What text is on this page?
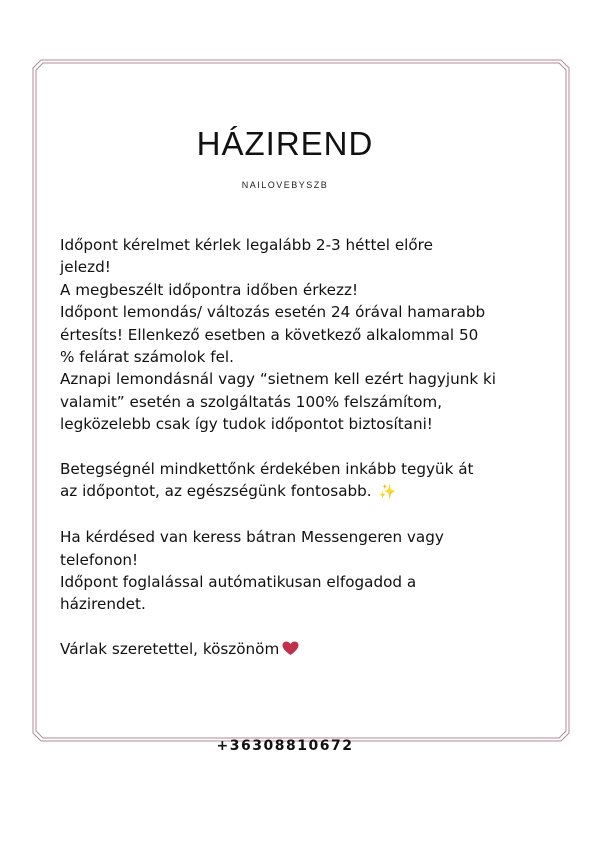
HÁZIREND
NAILOVEBYSZB
Időpont kérelmet kérlek legalább 2-3 héttel előre
jelezd!
A megbeszélt időpontra időben érkezz!
Időpont lemondás/ változás esetén 24 órával hamarabb
értesíts! Ellenkező esetben a következő alkalommal 50
% felárat számolok fel.
Aznapi lemondásnál vagy “sietnem kell ezért hagyjunk ki
valamit” esetén a szolgáltatás 100% felszámítom,
legközelebb csak így tudok időpontot biztosítani!
Betegségnél mindkettőnk érdekében inkább tegyük át
az időpontot, az egészségünk fontosabb. ✨
Ha kérdésed van keress bátran Messengeren vagy
telefonon!
Időpont foglalással autómatikusan elfogadod a
házirendet.
Várlak szeretettel, köszönöm
+36308810672
